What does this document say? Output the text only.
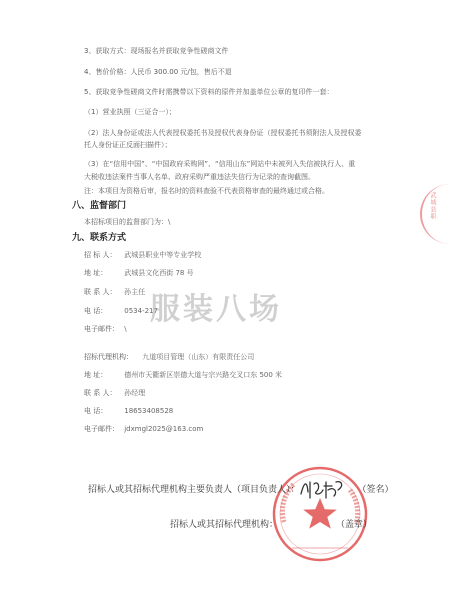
3、获取方式：现场报名并获取竞争性磋商文件
4、售价价格：人民币 300.00 元/包，售后不退
5、获取竞争性磋商文件时需携带以下资料的原件并加盖单位公章的复印件一套：
（1）营业执照（三证合一）；
（2）法人身份证或法人代表授权委托书及授权代表身份证（授权委托书须附法人及授权委
托人身份证正反面扫描件）；
（3）在“信用中国”、“中国政府采购网”、“信用山东”网站中未被列入失信被执行人、重
大税收违法案件当事人名单、政府采购严重违法失信行为记录的查询截图。
注：本项目为资格后审，报名时的资料查验不代表资格审查的最终通过或合格。
八、监督部门
本招标项目的监督部门为：\
九、联系方式
招 标 人： 武城县职业中等专业学校
地 址： 武城县文化西街 78 号
联 系 人： 孙主任
电 话： 0534-217
电子邮件： \
服装八场
招标代理机构： 九道项目管理（山东）有限责任公司
地 址： 德州市天衢新区崇德大道与宗兴路交叉口东 500 米
联 系 人： 孙经理
电 话： 18653408528
电子邮件： jdxmgl2025@163.com
武城县职
招标人或其招标代理机构主要负责人（项目负责人）：	（签名）
招标人或其招标代理机构：	（盖章）
